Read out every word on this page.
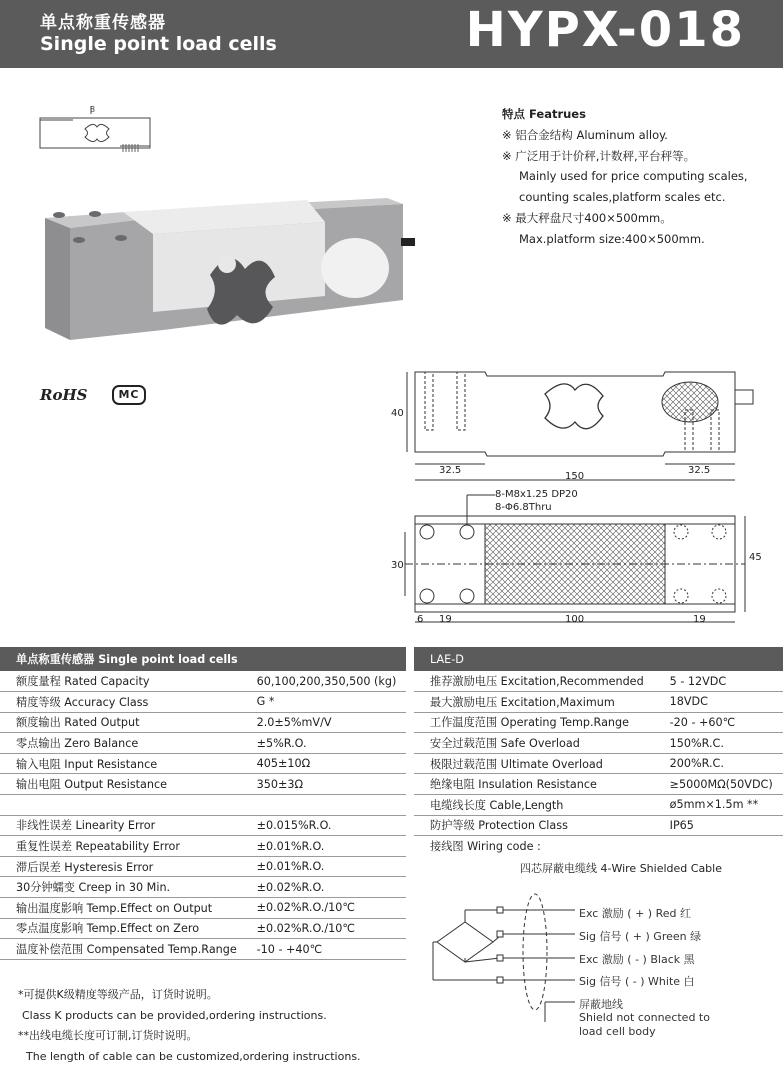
单点称重传感器
Single point load cells	HYPX-018
8	特点 Featrues
※ 铝合金结构 Aluminum alloy.
※ 广泛用于计价秤,计数秤,平台秤等。
Mainly used for price computing scales,
counting scales,platform scales etc.
※ 最大秤盘尺寸400×500mm。
Max.platform size:400×500mm.
RoHS	MC
40
32.5	32.5
150
8-M8x1.25 DP20
8-Φ6.8Thru
30
45
6 19	100	19
单点称重传感器 Single point load cells	
额度量程 Rated Capacity	60,100,200,350,500 (kg)
精度等级 Accuracy Class	G *
额度输出 Rated Output	2.0±5%mV/V
零点输出 Zero Balance	±5%R.O.
输入电阻 Input Resistance	405±10Ω
输出电阻 Output Resistance	350±3Ω

非线性误差 Linearity Error	±0.015%R.O.
重复性误差 Repeatability Error	±0.01%R.O.
滞后误差 Hysteresis Error	±0.01%R.O.
30分钟蠕变 Creep in 30 Min.	±0.02%R.O.
输出温度影响 Temp.Effect on Output	±0.02%R.O./10℃
零点温度影响 Temp.Effect on Zero	±0.02%R.O./10℃
温度补偿范围 Compensated Temp.Range	-10 - +40℃
LAE-D	
推荐激励电压 Excitation,Recommended	5 - 12VDC
最大激励电压 Excitation,Maximum	18VDC
工作温度范围 Operating Temp.Range	-20 - +60℃
安全过载范围 Safe Overload	150%R.C.
极限过载范围 Ultimate Overload	200%R.C.
绝缘电阻 Insulation Resistance	≥5000MΩ(50VDC)
电缆线长度 Cable,Length	ø5mm×1.5m **
防护等级 Protection Class	IP65
接线图 Wiring code :	
四芯屏蔽电缆线 4-Wire Shielded Cable
Exc 激励 ( + ) Red 红
Sig 信号 ( + ) Green 绿
Exc 激励 ( - ) Black 黑
Sig 信号 ( - ) White 白
屏蔽地线
Shield not connected to
load cell body
*可提供K级精度等级产品，订货时说明。
Class K products can be provided,ordering instructions.
**出线电缆长度可订制,订货时说明。
The length of cable can be customized,ordering instructions.
